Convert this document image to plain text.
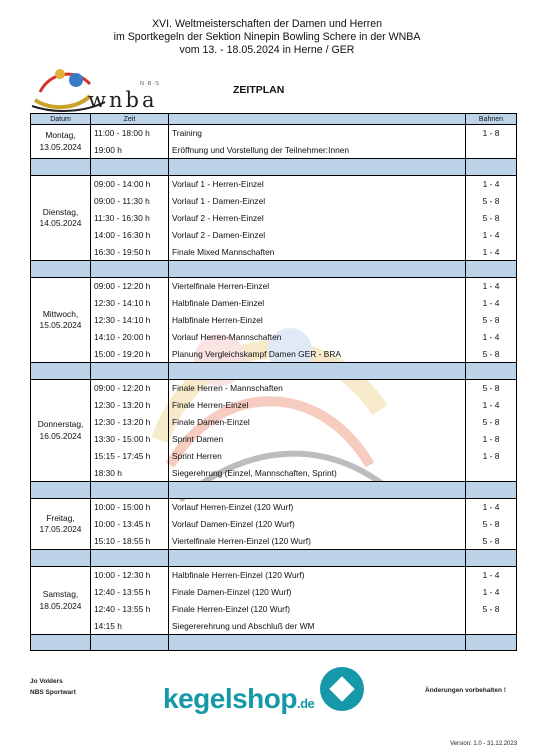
XVI. Weltmeisterschaften der Damen und Herren
im Sportkegeln der Sektion Ninepin Bowling Schere in der WNBA
vom 13. - 18.05.2024 in Herne / GER
N·B·S
wnba	ZEITPLAN
Datum	Zeit		Bahnen

Montag,
13.05.2024	11:00 - 18:00 h	Training	1 - 8
	19:00 h	Eröffnung und Vorstellung der Teilnehmer:Innen	

Dienstag,
14.05.2024	09:00 - 14:00 h	Vorlauf 1 - Herren-Einzel	1 - 4
	09:00 - 11:30 h	Vorlauf 1 - Damen-Einzel	5 - 8
	11:30 - 16:30 h	Vorlauf 2 - Herren-Einzel	5 - 8
	14:00 - 16:30 h	Vorlauf 2 - Damen-Einzel	1 - 4
	16:30 - 19:50 h	Finale Mixed Mannschaften	1 - 4

Mittwoch,
15.05.2024	09:00 - 12:20 h	Viertelfinale Herren-Einzel	1 - 4
	12:30 - 14:10 h	Halbfinale Damen-Einzel	1 - 4
	12:30 - 14:10 h	Halbfinale Herren-Einzel	5 - 8
	14:10 - 20:00 h	Vorlauf Herren-Mannschaften	1 - 4
	15:00 - 19:20 h	Planung Vergleichskampf Damen GER - BRA	5 - 8

Donnerstag,
16.05.2024	09:00 - 12:20 h	Finale Herren - Mannschaften	5 - 8
	12:30 - 13:20 h	Finale Herren-Einzel	1 - 4
	12:30 - 13:20 h	Finale Damen-Einzel	5 - 8
	13:30 - 15:00 h	Sprint Damen	1 - 8
	15:15 - 17:45 h	Sprint Herren	1 - 8
	18:30 h	Siegerehrung (Einzel, Mannschaften, Sprint)	

Freitag,
17.05.2024	10:00 - 15:00 h	Vorlauf Herren-Einzel (120 Wurf)	1 - 4
	10:00 - 13:45 h	Vorlauf Damen-Einzel (120 Wurf)	5 - 8
	15:10 - 18:55 h	Viertelfinale Herren-Einzel (120 Wurf)	5 - 8

Samstag,
18.05.2024	10:00 - 12:30 h	Halbfinale Herren-Einzel (120 Wurf)	1 - 4
	12:40 - 13:55 h	Finale Damen-Einzel (120 Wurf)	1 - 4
	12:40 - 13:55 h	Finale Herren-Einzel (120 Wurf)	5 - 8
	14:15 h	Siegererehrung und Abschluß der WM	

Jo Volders
NBS Sportwart	kegelshop.de
Änderungen vorbehalten !
Version: 1.0 - 31.12.2023
